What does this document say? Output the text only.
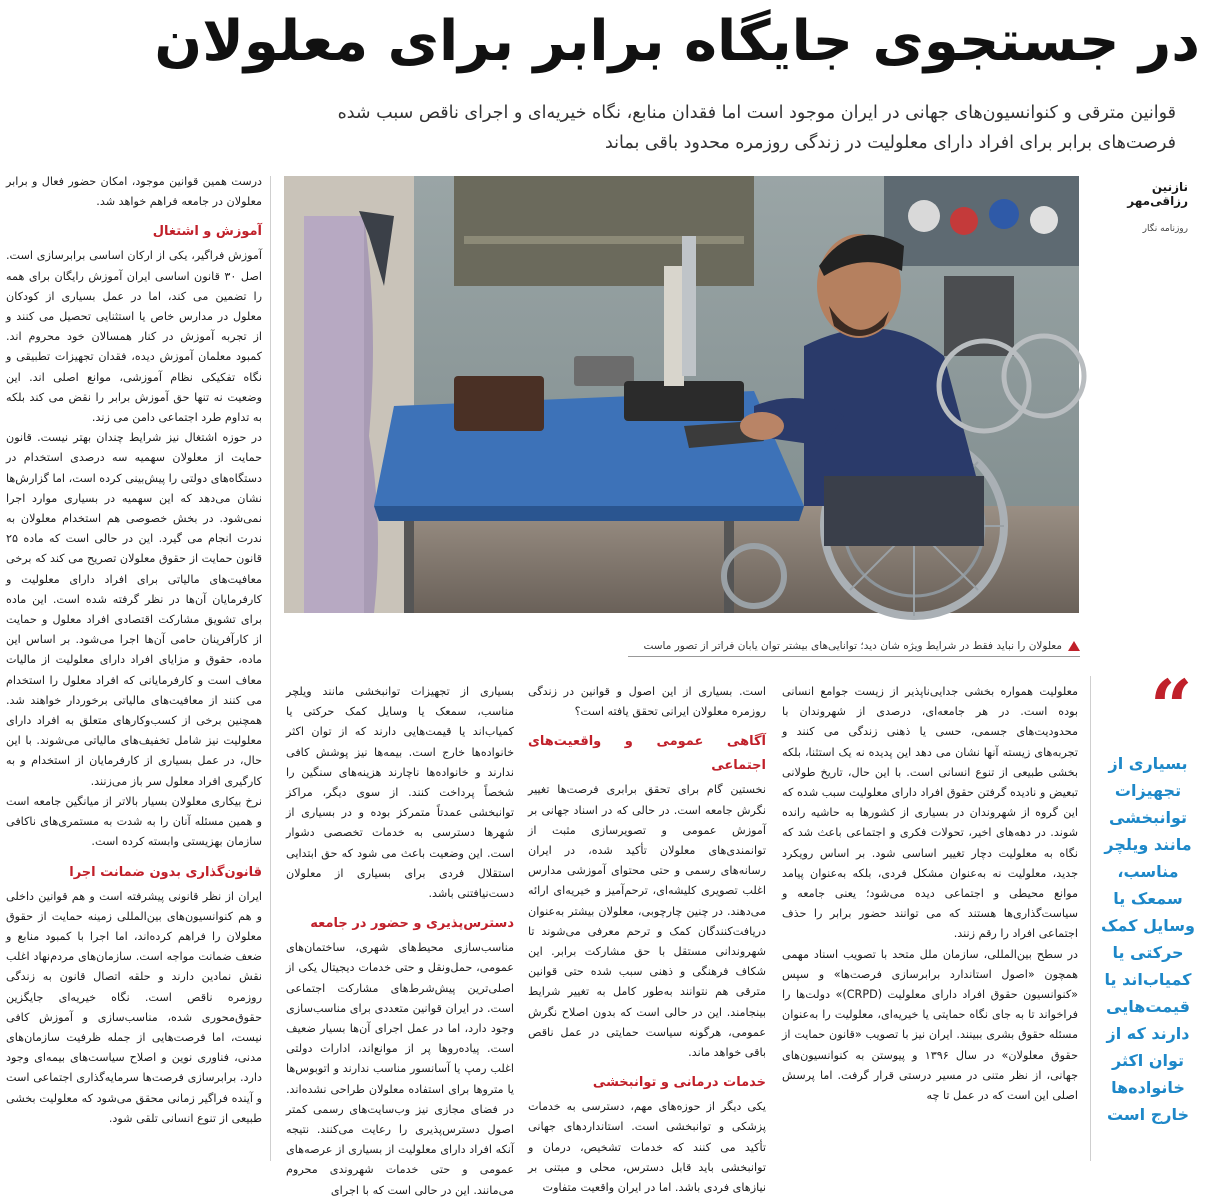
در جستجوی جایگاه برابر برای معلولان
قوانین مترقی و کنوانسیون‌های جهانی در ایران موجود است اما فقدان منابع، نگاه خیریه‌ای و اجرای ناقص سبب شده فرصت‌های برابر برای افراد دارای معلولیت در زندگی روزمره محدود باقی بماند
نازنین رزاقی‌مهر
روزنامه نگار
معلولان را نباید فقط در شرایط ویژه شان دید؛ توانایی‌های بیشتر توان یابان فراتر از تصور ماست

درست همین قوانین موجود، امکان حضور فعال و برابر معلولان در جامعه فراهم خواهد شد.

آموزش و اشتغال

آموزش فراگیر، یکی از ارکان اساسی برابرسازی است. اصل ۳۰ قانون اساسی ایران آموزش رایگان برای همه را تضمین می کند، اما در عمل بسیاری از کودکان معلول در مدارس خاص یا استثنایی تحصیل می کنند و از تجربه آموزش در کنار همسالان خود محروم اند. کمبود معلمان آموزش دیده، فقدان تجهیزات تطبیقی و نگاه تفکیکی نظام آموزشی، موانع اصلی اند. این وضعیت نه تنها حق آموزش برابر را نقض می کند بلکه به تداوم طرد اجتماعی دامن می زند.

در حوزه اشتغال نیز شرایط چندان بهتر نیست. قانون حمایت از معلولان سهمیه سه درصدی استخدام در دستگاه‌های دولتی را پیش‌بینی کرده است، اما گزارش‌ها نشان می‌دهد که این سهمیه در بسیاری موارد اجرا نمی‌شود. در بخش خصوصی هم استخدام معلولان به ندرت انجام می گیرد. این در حالی است که ماده ۲۵ قانون حمایت از حقوق معلولان تصریح می کند که برخی معافیت‌های مالیاتی برای افراد دارای معلولیت و کارفرمایان آن‌ها در نظر گرفته شده است. این ماده برای تشویق مشارکت اقتصادی افراد معلول و حمایت از کارآفرینان حامی آن‌ها اجرا می‌شود. بر اساس این ماده، حقوق و مزایای افراد دارای معلولیت از مالیات معاف است و کارفرمایانی که افراد معلول را استخدام می کنند از معافیت‌های مالیاتی برخوردار خواهند شد. همچنین برخی از کسب‌وکارهای متعلق به افراد دارای معلولیت نیز شامل تخفیف‌های مالیاتی می‌شوند. با این حال، در عمل بسیاری از کارفرمایان از استخدام و به کارگیری افراد معلول سر باز می‌زنند.

نرخ بیکاری معلولان بسیار بالاتر از میانگین جامعه است و همین مسئله آنان را به شدت به مستمری‌های ناکافی سازمان بهزیستی وابسته کرده است.

قانون‌گذاری بدون ضمانت اجرا

ایران از نظر قانونی پیشرفته است و هم قوانین داخلی و هم کنوانسیون‌های بین‌المللی زمینه حمایت از حقوق معلولان را فراهم کرده‌اند، اما اجرا با کمبود منابع و ضعف ضمانت مواجه است. سازمان‌های مردم‌نهاد اغلب نقش نمادین دارند و حلقه اتصال قانون به زندگی روزمره ناقص است. نگاه خیریه‌ای جایگزین حقوق‌محوری شده، مناسب‌سازی و آموزش کافی نیست، اما فرصت‌هایی از جمله ظرفیت سازمان‌های مدنی، فناوری نوین و اصلاح سیاست‌های بیمه‌ای وجود دارد. برابرسازی فرصت‌ها سرمایه‌گذاری اجتماعی است و آینده فراگیر زمانی محقق می‌شود که معلولیت بخشی طبیعی از تنوع انسانی تلقی شود.

بسیاری از تجهیزات توانبخشی مانند ویلچر مناسب، سمعک یا وسایل کمک حرکتی یا کمیاب‌اند یا قیمت‌هایی دارند که از توان اکثر خانواده‌ها خارج است. بیمه‌ها نیز پوشش کافی ندارند و خانواده‌ها ناچارند هزینه‌های سنگین را شخصاً پرداخت کنند. از سوی دیگر، مراکز توانبخشی عمدتاً متمرکز بوده و در بسیاری از شهرها دسترسی به خدمات تخصصی دشوار است. این وضعیت باعث می شود که حق ابتدایی استقلال فردی برای بسیاری از معلولان دست‌نیافتنی باشد.

دسترس‌پذیری و حضور در جامعه

مناسب‌سازی محیط‌های شهری، ساختمان‌های عمومی، حمل‌ونقل و حتی خدمات دیجیتال یکی از اصلی‌ترین پیش‌شرط‌های مشارکت اجتماعی است. در ایران قوانین متعددی برای مناسب‌سازی وجود دارد، اما در عمل اجرای آن‌ها بسیار ضعیف است. پیاده‌روها پر از موانع‌اند، ادارات دولتی اغلب رمپ یا آسانسور مناسب ندارند و اتوبوس‌ها یا متروها برای استفاده معلولان طراحی نشده‌اند. در فضای مجازی نیز وب‌سایت‌های رسمی کمتر اصول دسترس‌پذیری را رعایت می‌کنند. نتیجه آنکه افراد دارای معلولیت از بسیاری از عرصه‌های عمومی و حتی خدمات شهروندی محروم می‌مانند. این در حالی است که با اجرای

است. بسیاری از این اصول و قوانین در زندگی روزمره معلولان ایرانی تحقق یافته است؟

آگاهی عمومی و واقعیت‌های اجتماعی

نخستین گام برای تحقق برابری فرصت‌ها تغییر نگرش جامعه است. در حالی که در اسناد جهانی بر آموزش عمومی و تصویرسازی مثبت از توانمندی‌های معلولان تأکید شده، در ایران رسانه‌های رسمی و حتی محتوای آموزشی مدارس اغلب تصویری کلیشه‌ای، ترحم‌آمیز و خیریه‌ای ارائه می‌دهند. در چنین چارچوبی، معلولان بیشتر به‌عنوان دریافت‌کنندگان کمک و ترحم معرفی می‌شوند تا شهروندانی مستقل با حق مشارکت برابر. این شکاف فرهنگی و ذهنی سبب شده حتی قوانین مترقی هم نتوانند به‌طور کامل به تغییر شرایط بینجامند. این در حالی است که بدون اصلاح نگرش عمومی، هرگونه سیاست حمایتی در عمل ناقص باقی خواهد ماند.

خدمات درمانی و توانبخشی

یکی دیگر از حوزه‌های مهم، دسترسی به خدمات پزشکی و توانبخشی است. استانداردهای جهانی تأکید می کنند که خدمات تشخیص، درمان و توانبخشی باید قابل دسترس، محلی و مبتنی بر نیازهای فردی باشد. اما در ایران واقعیت متفاوت

معلولیت همواره بخشی جدایی‌ناپذیر از زیست جوامع انسانی بوده است. در هر جامعه‌ای، درصدی از شهروندان با محدودیت‌های جسمی، حسی یا ذهنی زندگی می کنند و تجربه‌های زیسته آنها نشان می دهد این پدیده نه یک استثنا، بلکه بخشی طبیعی از تنوع انسانی است. با این حال، تاریخ طولانی تبعیض و نادیده گرفتن حقوق افراد دارای معلولیت سبب شده که این گروه از شهروندان در بسیاری از کشورها به حاشیه رانده شوند. در دهه‌های اخیر، تحولات فکری و اجتماعی باعث شد که نگاه به معلولیت دچار تغییر اساسی شود. بر اساس رویکرد جدید، معلولیت نه به‌عنوان مشکل فردی، بلکه به‌عنوان پیامد موانع محیطی و اجتماعی دیده می‌شود؛ یعنی جامعه و سیاست‌گذاری‌ها هستند که می توانند حضور برابر را حذف اجتماعی افراد را رقم زنند.

در سطح بین‌المللی، سازمان ملل متحد با تصویب اسناد مهمی همچون «اصول استاندارد برابرسازی فرصت‌ها» و سپس «کنوانسیون حقوق افراد دارای معلولیت (CRPD)» دولت‌ها را فراخواند تا به جای نگاه حمایتی یا خیریه‌ای، معلولیت را به‌عنوان مسئله حقوق بشری ببینند. ایران نیز با تصویب «قانون حمایت از حقوق معلولان» در سال ۱۳۹۶ و پیوستن به کنوانسیون‌های جهانی، از نظر متنی در مسیر درستی قرار گرفت. اما پرسش اصلی این است که در عمل تا چه

“
بسیاری از تجهیزات توانبخشی مانند ویلچر مناسب، سمعک یا وسایل کمک حرکتی یا کمیاب‌اند یا قیمت‌هایی دارند که از توان اکثر خانواده‌ها خارج است
